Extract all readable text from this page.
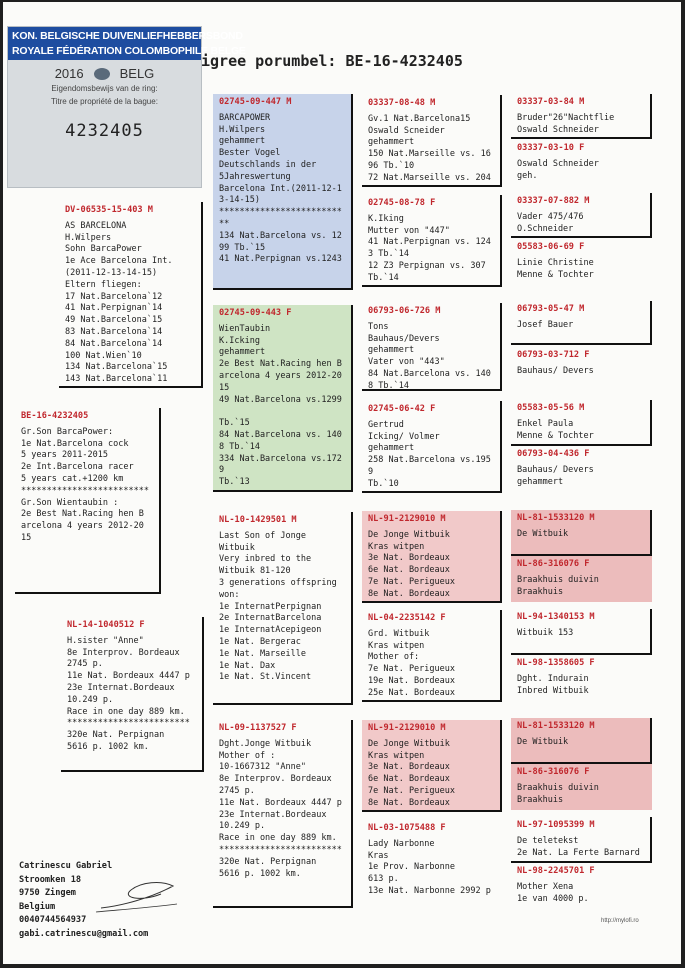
KON. BELGISCHE DUIVENLIEFHEBBERSBOND
ROYALE FÉDÉRATION COLOMBOPHILE BELGE
2016	BELG
Eigendomsbewijs van de ring:
Titre de propriété de la bague:
4232405
igree porumbel: BE-16-4232405
BE-16-4232405
Gr.Son BarcaPower:
1e Nat.Barcelona cock
5 years 2011-2015
2e Int.Barcelona racer
5 years cat.+1200 km
*************************
Gr.Son Wientaubin :
2e Best Nat.Racing hen B
arcelona 4 years 2012-20
15
DV-06535-15-403 M
AS BARCELONA
H.Wilpers
Sohn BarcaPower
1e Ace Barcelona Int.
(2011-12-13-14-15)
Eltern fliegen:
17 Nat.Barcelona`12
41 Nat.Perpignan`14
49 Nat.Barcelona`15
83 Nat.Barcelona`14
84 Nat.Barcelona`14
100 Nat.Wien`10
134 Nat.Barcelona`15
143 Nat.Barcelona`11
NL-14-1040512 F
H.sister "Anne"
8e Interprov. Bordeaux
2745 p.
11e Nat. Bordeaux 4447 p
23e Internat.Bordeaux
10.249 p.
Race in one day 889 km.
************************
320e Nat. Perpignan
5616 p. 1002 km.
02745-09-447 M
BARCAPOWER
H.Wilpers
gehammert
Bester Vogel
Deutschlands in der
5Jahreswertung
Barcelona Int.(2011-12-1
3-14-15)
************************
**
134 Nat.Barcelona vs. 12
99 Tb.`15
41 Nat.Perpignan vs.1243
02745-09-443 F
WienTaubin
K.Icking
gehammert
2e Best Nat.Racing hen B
arcelona 4 years 2012-20
15
49 Nat.Barcelona vs.1299

Tb.`15
84 Nat.Barcelona vs. 140
8 Tb.`14
334 Nat.Barcelona vs.172
9
Tb.`13
NL-10-1429501 M
Last Son of Jonge
Witbuik
Very inbred to the
Witbuik 81-120
3 generations offspring
won:
1e InternatPerpignan
2e InternatBarcelona
1e InternatAcepigeon
1e Nat. Bergerac
1e Nat. Marseille
1e Nat. Dax
1e Nat. St.Vincent
NL-09-1137527 F
Dght.Jonge Witbuik
Mother of :
10-1667312 "Anne"
8e Interprov. Bordeaux
2745 p.
11e Nat. Bordeaux 4447 p
23e Internat.Bordeaux
10.249 p.
Race in one day 889 km.
************************
320e Nat. Perpignan
5616 p. 1002 km.
03337-08-48 M
Gv.1 Nat.Barcelona15
Oswald Scneider
gehammert
150 Nat.Marseille vs. 16
96 Tb.`10
72 Nat.Marseille vs. 204
02745-08-78 F
K.Iking
Mutter von "447"
41 Nat.Perpignan vs. 124
3 Tb.`14
12 Z3 Perpignan vs. 307
Tb.`14
06793-06-726 M
Tons
Bauhaus/Devers
gehammert
Vater von "443"
84 Nat.Barcelona vs. 140
8 Tb.`14
02745-06-42 F
Gertrud
Icking/ Volmer
gehammert
258 Nat.Barcelona vs.195
9
Tb.`10
NL-91-2129010 M
De Jonge Witbuik
Kras witpen
3e Nat. Bordeaux
6e Nat. Bordeaux
7e Nat. Perigueux
8e Nat. Bordeaux
NL-04-2235142 F
Grd. Witbuik
Kras witpen
Mother of:
7e Nat. Perigueux
19e Nat. Bordeaux
25e Nat. Bordeaux
NL-91-2129010 M
De Jonge Witbuik
Kras witpen
3e Nat. Bordeaux
6e Nat. Bordeaux
7e Nat. Perigueux
8e Nat. Bordeaux
NL-03-1075488 F
Lady Narbonne
Kras
1e Prov. Narbonne
613 p.
13e Nat. Narbonne 2992 p
03337-03-84 M
Bruder"26"Nachtflie
Oswald Schneider
03337-03-10 F
Oswald Schneider
geh.
03337-07-882 M
Vader 475/476
O.Schneider
05583-06-69 F
Linie Christine
Menne & Tochter
06793-05-47 M
Josef Bauer
06793-03-712 F
Bauhaus/ Devers
05583-05-56 M
Enkel Paula
Menne & Tochter
06793-04-436 F
Bauhaus/ Devers
gehammert
NL-81-1533120 M
De Witbuik
NL-86-316076 F
Braakhuis duivin
Braakhuis
NL-94-1340153 M
Witbuik 153
NL-98-1358605 F
Dght. Indurain
Inbred Witbuik
NL-81-1533120 M
De Witbuik
NL-86-316076 F
Braakhuis duivin
Braakhuis
NL-97-1095399 M
De teletekst
2e Nat. La Ferte Barnard
NL-98-2245701 F
Mother Xena
1e van 4000 p.
Catrinescu Gabriel
Stroomken 18
9750 Zingem
Belgium
0040744564937
gabi.catrinescu@gmail.com
http://mylofi.ro
